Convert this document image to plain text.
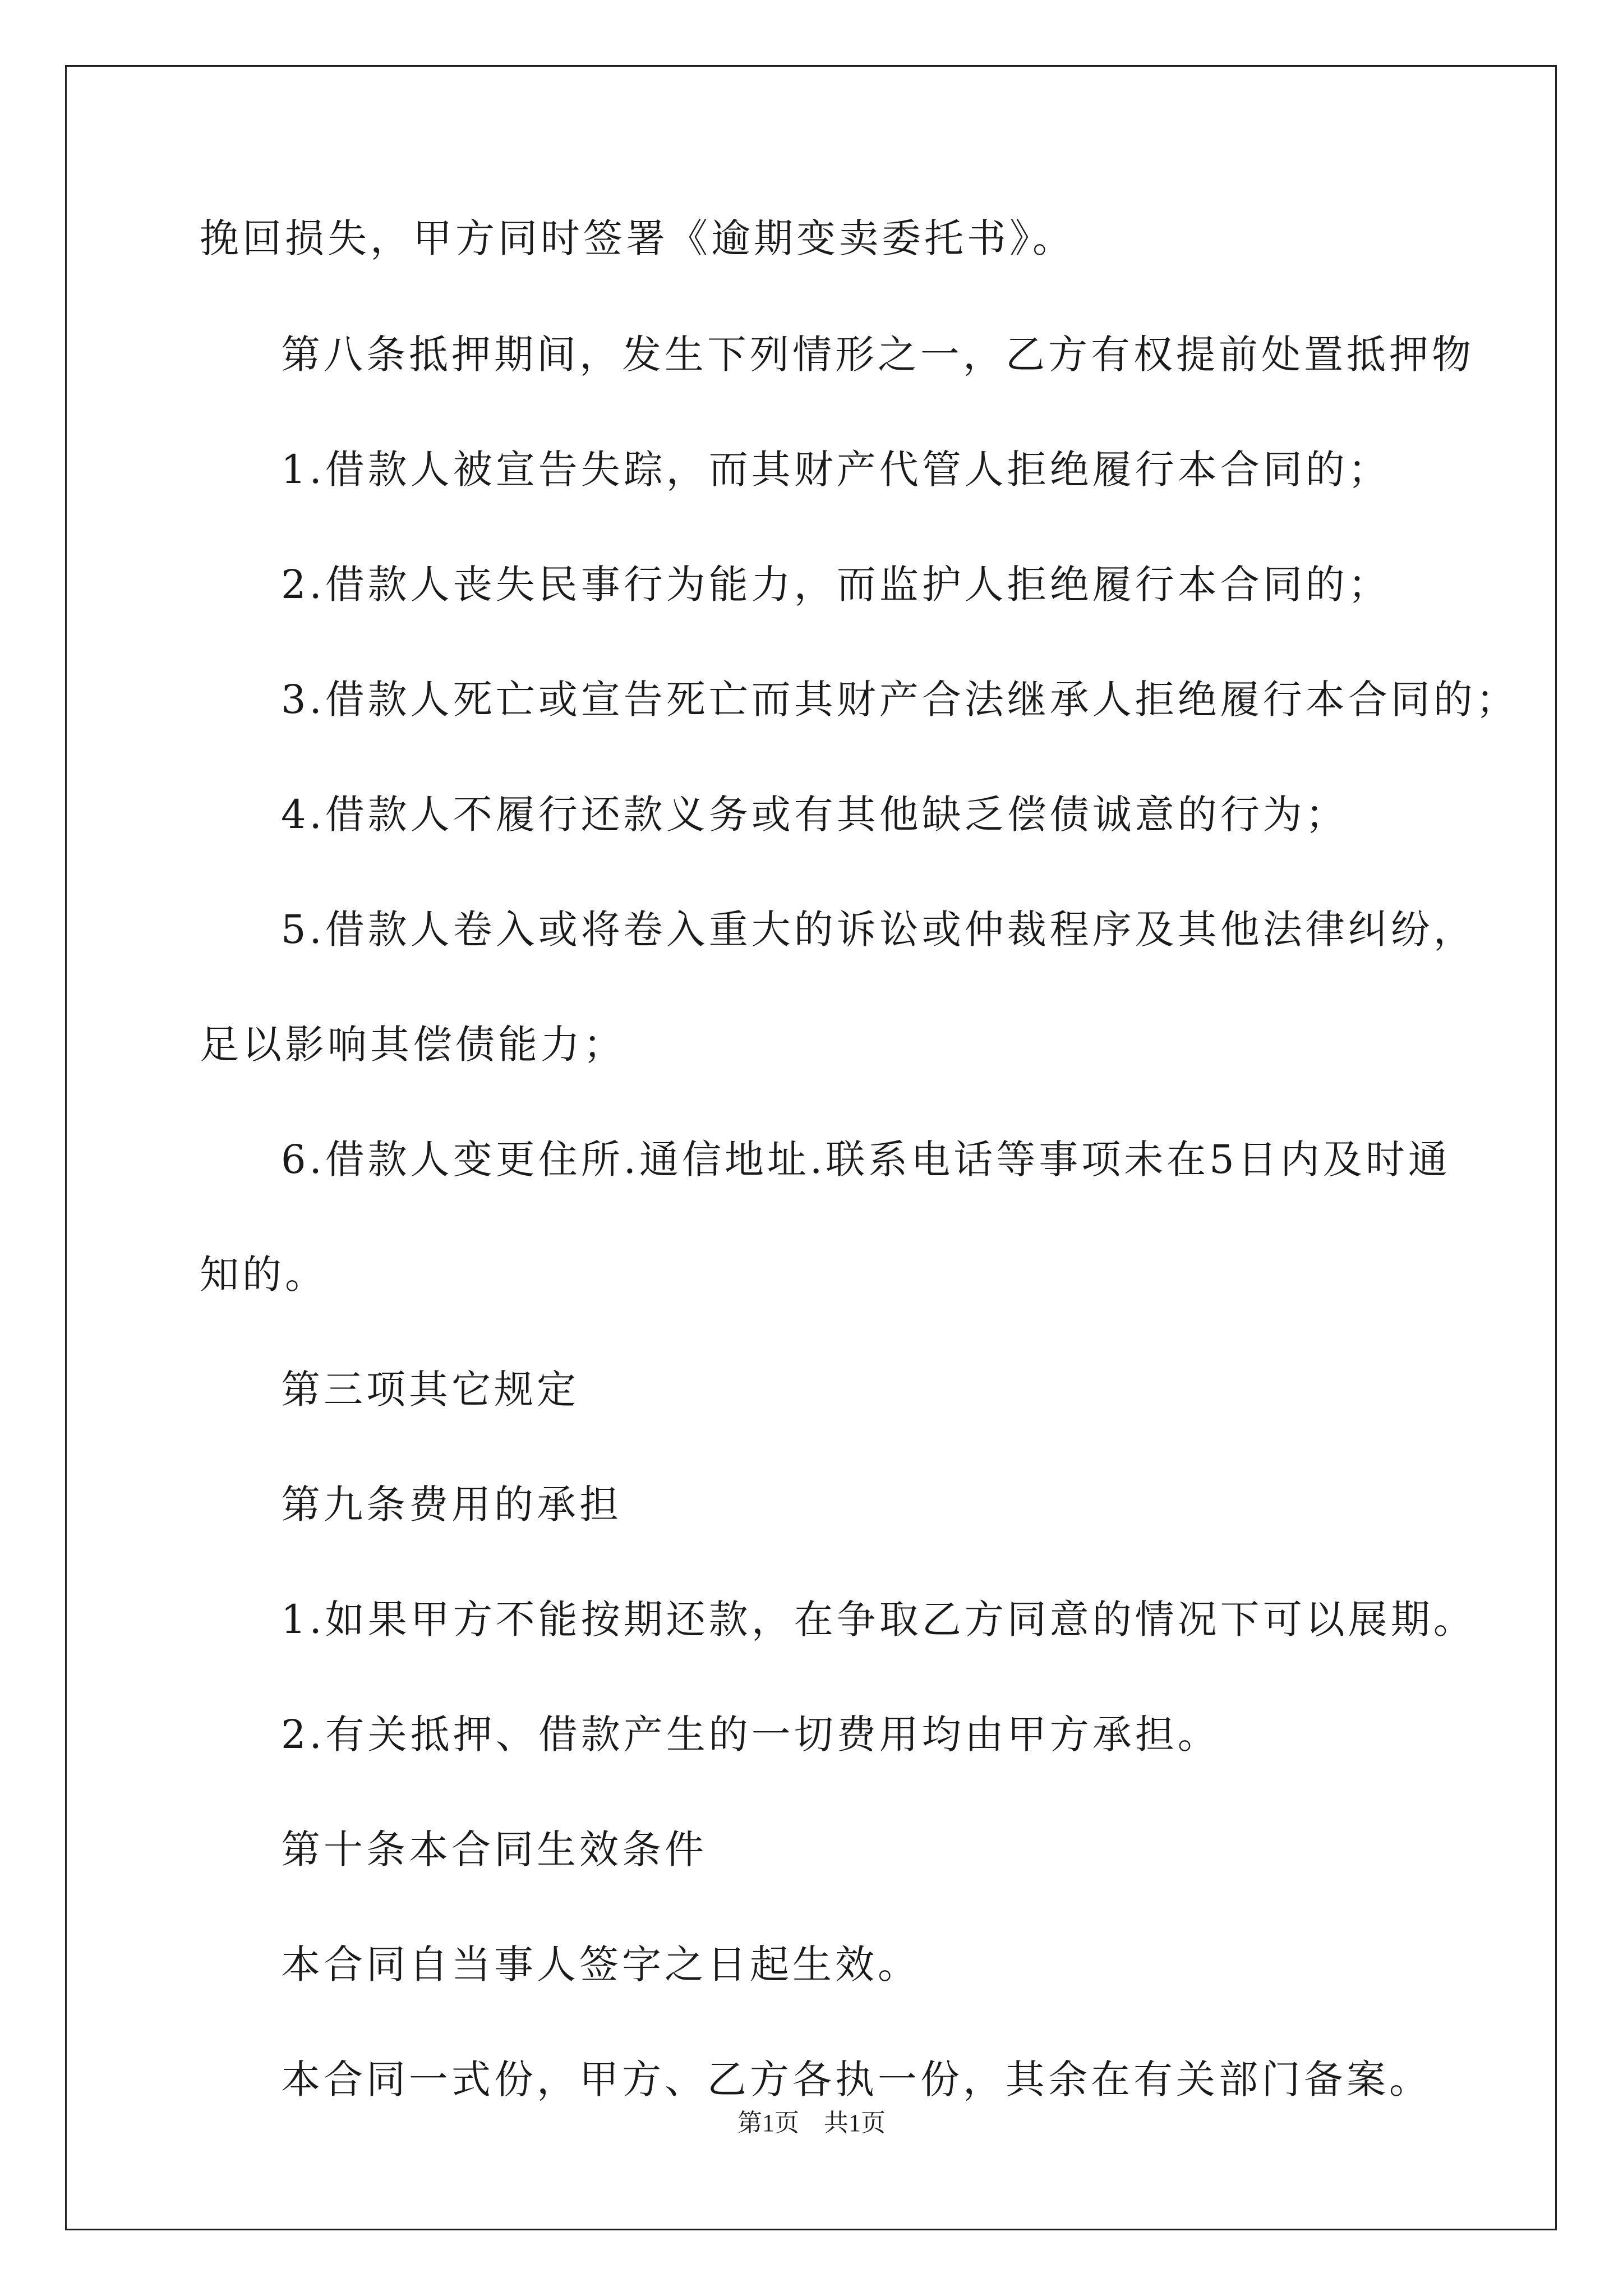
挽回损失，甲方同时签署《逾期变卖委托书》。
第八条抵押期间，发生下列情形之一，乙方有权提前处置抵押物
1.借款人被宣告失踪，而其财产代管人拒绝履行本合同的；
2.借款人丧失民事行为能力，而监护人拒绝履行本合同的；
3.借款人死亡或宣告死亡而其财产合法继承人拒绝履行本合同的；
4.借款人不履行还款义务或有其他缺乏偿债诚意的行为；
5.借款人卷入或将卷入重大的诉讼或仲裁程序及其他法律纠纷，
足以影响其偿债能力；
6.借款人变更住所.通信地址.联系电话等事项未在5日内及时通
知的。
第三项其它规定
第九条费用的承担
1.如果甲方不能按期还款，在争取乙方同意的情况下可以展期。
2.有关抵押、借款产生的一切费用均由甲方承担。
第十条本合同生效条件
本合同自当事人签字之日起生效。
本合同一式份，甲方、乙方各执一份，其余在有关部门备案。
第1页 共1页
